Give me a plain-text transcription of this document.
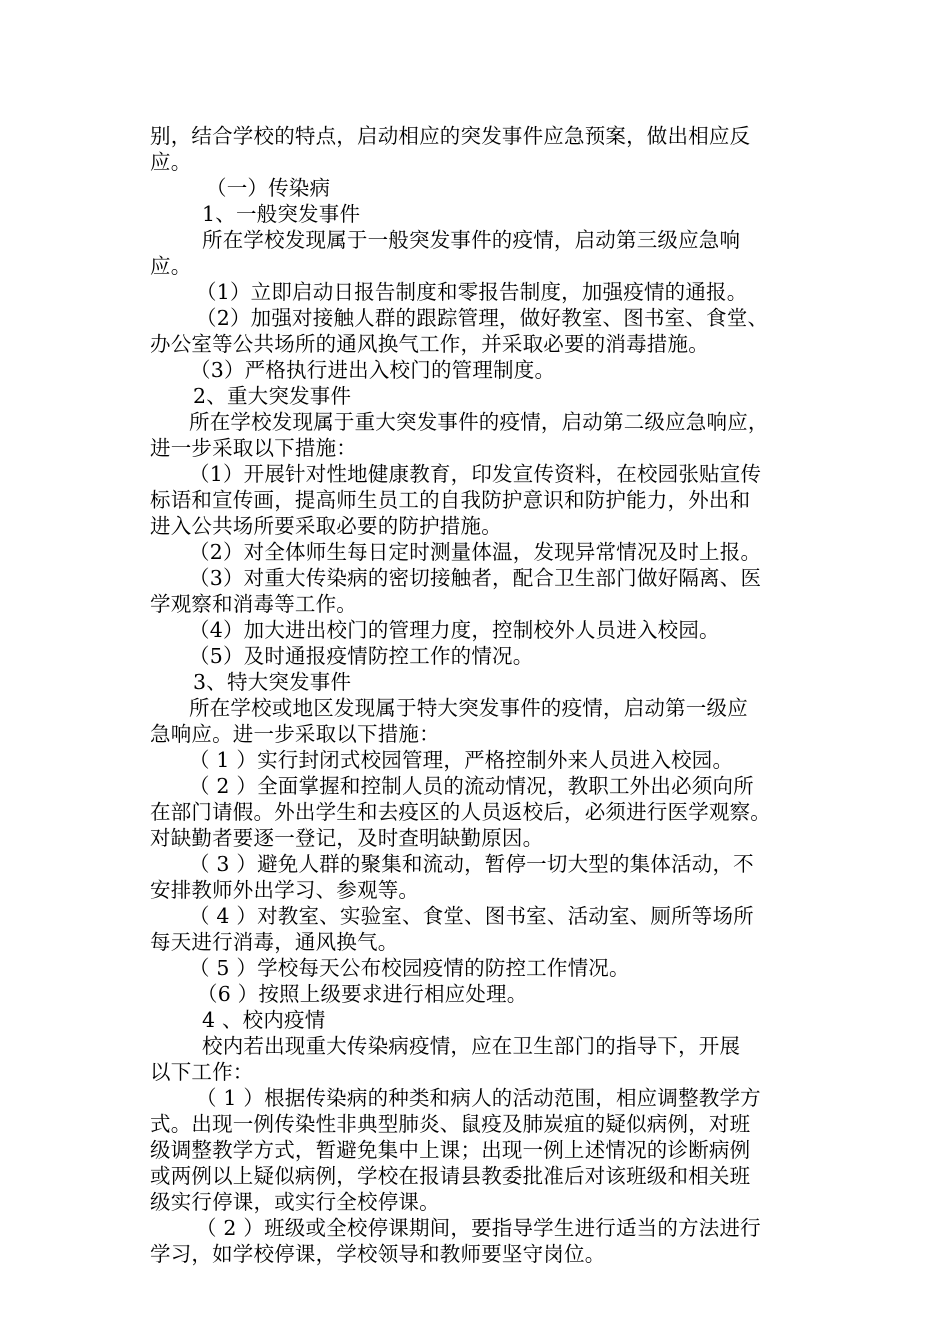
别，结合学校的特点，启动相应的突发事件应急预案，做出相应反
应。
（一）传染病
1、一般突发事件
所在学校发现属于一般突发事件的疫情，启动第三级应急响
应。
（1）立即启动日报告制度和零报告制度，加强疫情的通报。
（2）加强对接触人群的跟踪管理，做好教室、图书室、食堂、
办公室等公共场所的通风换气工作，并采取必要的消毒措施。
（3）严格执行进出入校门的管理制度。
2、重大突发事件
所在学校发现属于重大突发事件的疫情，启动第二级应急响应，
进一步采取以下措施：
（1）开展针对性地健康教育，印发宣传资料，在校园张贴宣传
标语和宣传画，提高师生员工的自我防护意识和防护能力，外出和
进入公共场所要采取必要的防护措施。
（2）对全体师生每日定时测量体温，发现异常情况及时上报。
（3）对重大传染病的密切接触者，配合卫生部门做好隔离、医
学观察和消毒等工作。
（4）加大进出校门的管理力度，控制校外人员进入校园。
（5）及时通报疫情防控工作的情况。
3、特大突发事件
所在学校或地区发现属于特大突发事件的疫情，启动第一级应
急响应。进一步采取以下措施：
（ 1 ）实行封闭式校园管理，严格控制外来人员进入校园。
（ 2 ）全面掌握和控制人员的流动情况，教职工外出必须向所
在部门请假。外出学生和去疫区的人员返校后，必须进行医学观察。
对缺勤者要逐一登记，及时查明缺勤原因。
（ 3 ）避免人群的聚集和流动，暂停一切大型的集体活动，不
安排教师外出学习、参观等。
（ 4 ）对教室、实验室、食堂、图书室、活动室、厕所等场所
每天进行消毒，通风换气。
（ 5 ）学校每天公布校园疫情的防控工作情况。
（6 ）按照上级要求进行相应处理。
4 、校内疫情
校内若出现重大传染病疫情，应在卫生部门的指导下，开展
以下工作：
（ 1 ）根据传染病的种类和病人的活动范围，相应调整教学方
式。出现一例传染性非典型肺炎、鼠疫及肺炭疽的疑似病例，对班
级调整教学方式，暂避免集中上课；出现一例上述情况的诊断病例
或两例以上疑似病例，学校在报请县教委批准后对该班级和相关班
级实行停课，或实行全校停课。
（ 2 ）班级或全校停课期间，要指导学生进行适当的方法进行
学习，如学校停课，学校领导和教师要坚守岗位。
